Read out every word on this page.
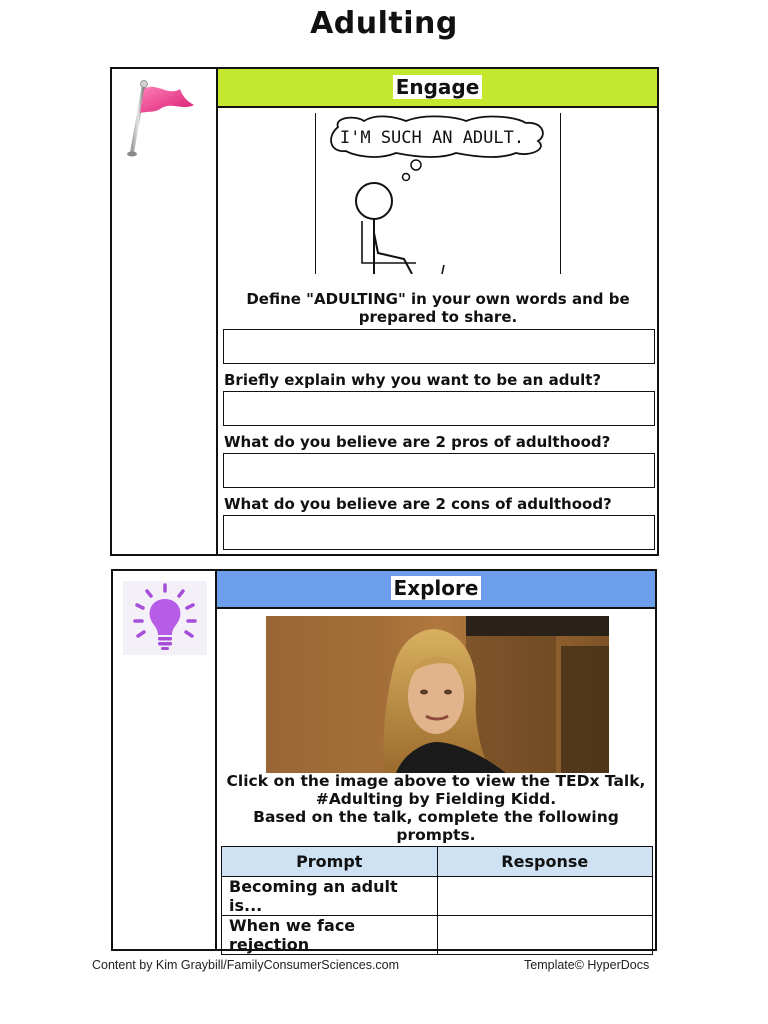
Adulting
Engage
I'M SUCH AN ADULT.
Define "ADULTING" in your own words and be prepared to share.
Briefly explain why you want to be an adult?
What do you believe are 2 pros of adulthood?
What do you believe are 2 cons of adulthood?
Explore
Click on the image above to view the TEDx Talk,
#Adulting by Fielding Kidd.
Based on the talk, complete the following prompts.
Prompt	Response
Becoming an adult is...	
When we face rejection	
Content by Kim Graybill/FamilyConsumerSciences.com	Template© HyperDocs
